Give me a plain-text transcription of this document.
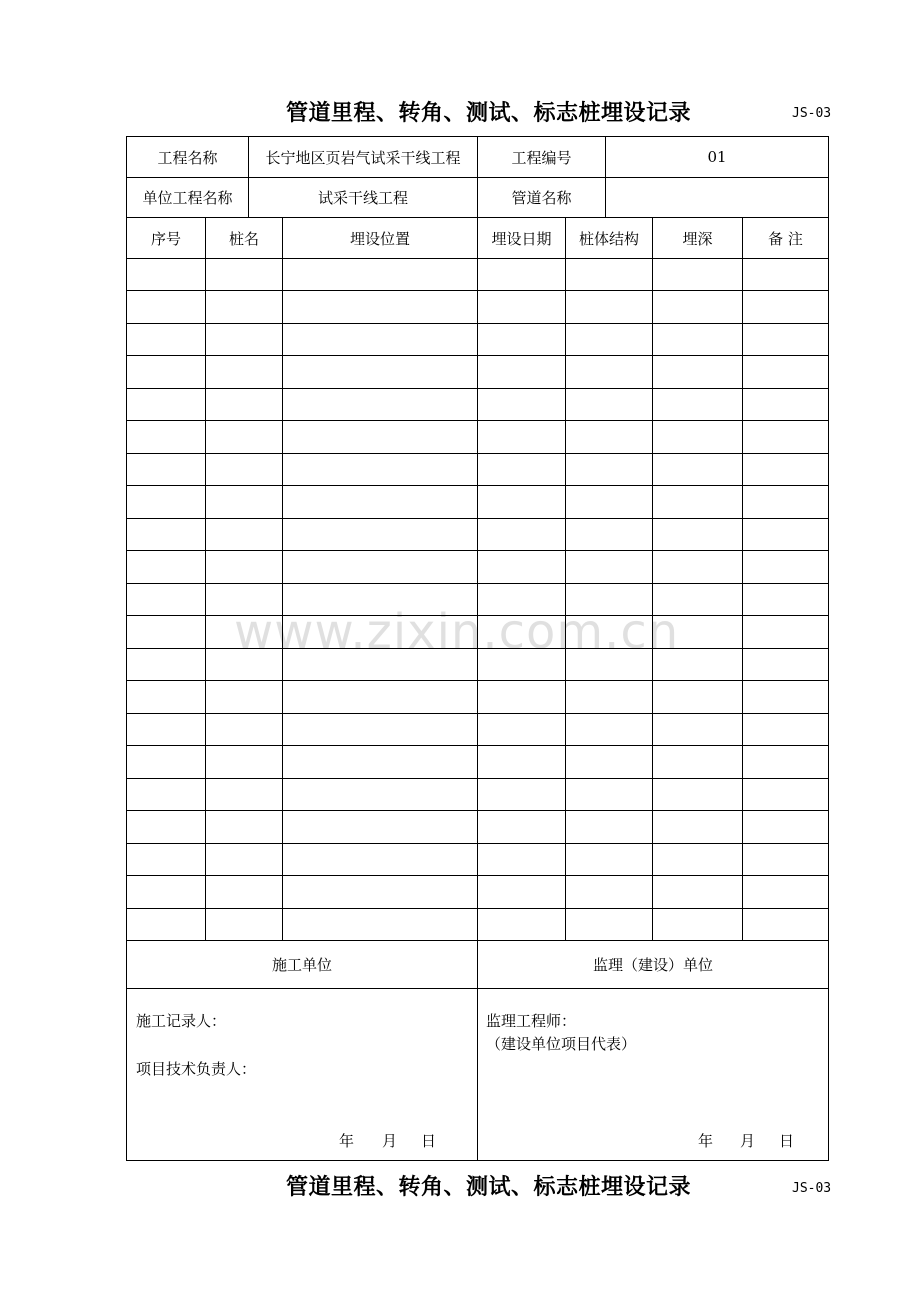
管道里程、转角、测试、标志桩埋设记录	JS-03
工程名称	长宁地区页岩气试采干线工程	工程编号	01
单位工程名称	试采干线工程	管道名称
序号	桩名	埋设位置	埋设日期	桩体结构	埋深	备 注
施工单位	监理（建设）单位
施工记录人：
项目技术负责人：
年 月 日
监理工程师：
（建设单位项目代表）
年 月 日
www.zixin.com.cn
管道里程、转角、测试、标志桩埋设记录	JS-03
